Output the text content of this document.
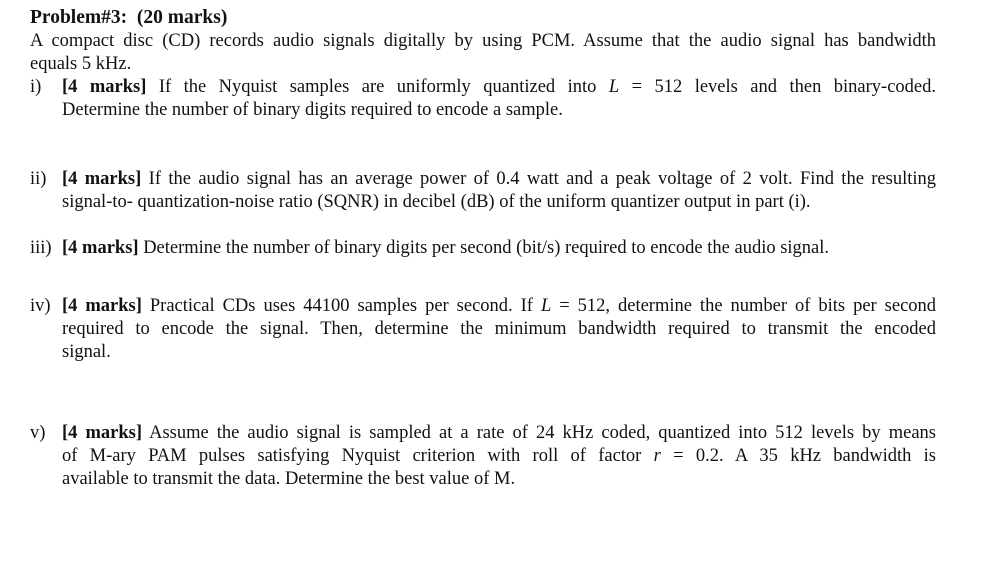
Problem#3: (20 marks)

A compact disc (CD) records audio signals digitally by using PCM. Assume that the audio signal has bandwidth
equals 5 kHz.
i) [4 marks] If the Nyquist samples are uniformly quantized into L = 512 levels and then binary-coded.
Determine the number of binary digits required to encode a sample.
ii) [4 marks] If the audio signal has an average power of 0.4 watt and a peak voltage of 2 volt. Find the resulting
signal-to- quantization-noise ratio (SQNR) in decibel (dB) of the uniform quantizer output in part (i).
iii) [4 marks] Determine the number of binary digits per second (bit/s) required to encode the audio signal.
iv) [4 marks] Practical CDs uses 44100 samples per second. If L = 512, determine the number of bits per second
required to encode the signal. Then, determine the minimum bandwidth required to transmit the encoded
signal.
v) [4 marks] Assume the audio signal is sampled at a rate of 24 kHz coded, quantized into 512 levels by means
of M-ary PAM pulses satisfying Nyquist criterion with roll of factor r = 0.2. A 35 kHz bandwidth is
available to transmit the data. Determine the best value of M.
